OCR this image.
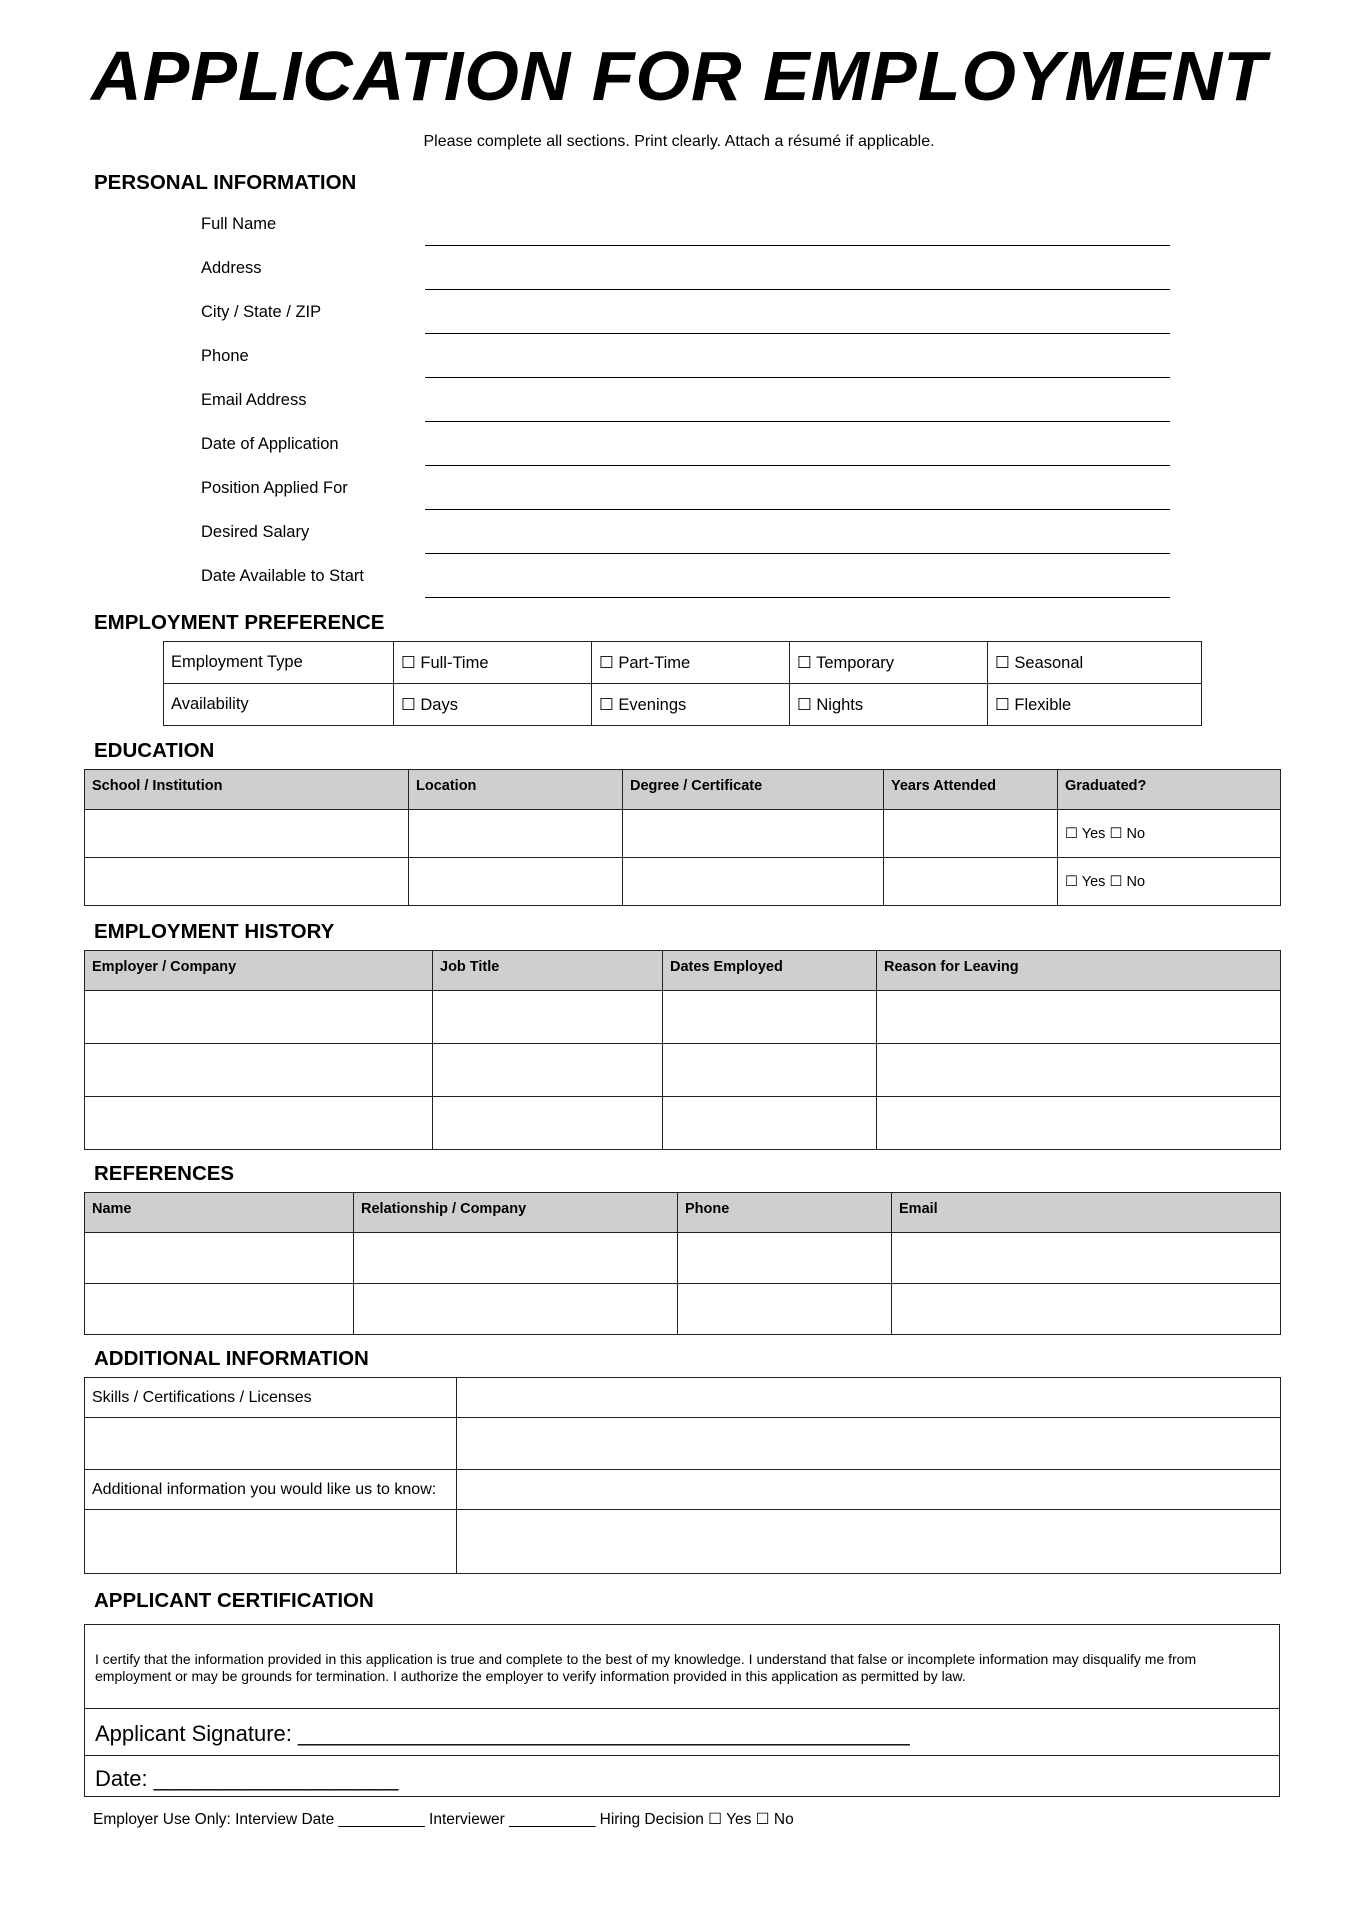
APPLICATION FOR EMPLOYMENT
Please complete all sections. Print clearly. Attach a résumé if applicable.
PERSONAL INFORMATION
Full Name
Address
City / State / ZIP
Phone
Email Address
Date of Application
Position Applied For
Desired Salary
Date Available to Start
EMPLOYMENT PREFERENCE
Employment Type	☐ Full-Time	☐ Part-Time	☐ Temporary	☐ Seasonal
Availability	☐ Days	☐ Evenings	☐ Nights	☐ Flexible
EDUCATION
School / Institution	Location	Degree / Certificate	Years Attended	Graduated?
				☐ Yes ☐ No
				☐ Yes ☐ No
EMPLOYMENT HISTORY
Employer / Company	Job Title	Dates Employed	Reason for Leaving

REFERENCES
Name	Relationship / Company	Phone	Email

ADDITIONAL INFORMATION
Skills / Certifications / Licenses	

Additional information you would like us to know:	

APPLICANT CERTIFICATION
I certify that the information provided in this application is true and complete to the best of my knowledge. I understand that false or incomplete information may disqualify me from employment or may be grounds for termination. I authorize the employer to verify information provided in this application as permitted by law.
Applicant Signature: __________________________________________________
Date: ____________________
Employer Use Only: Interview Date __________ Interviewer __________ Hiring Decision ☐ Yes ☐ No
